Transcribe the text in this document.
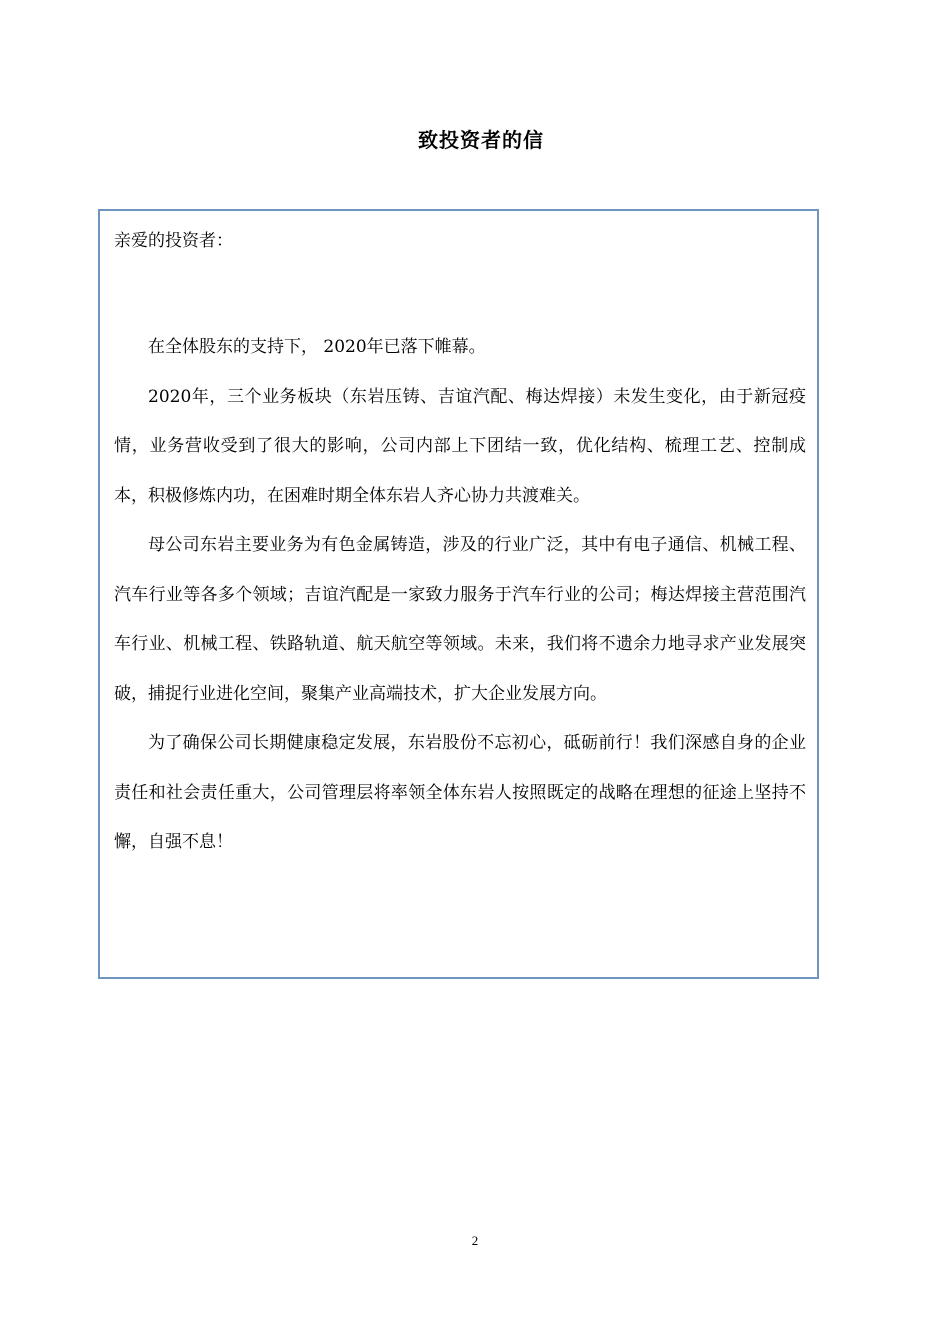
致投资者的信
亲爱的投资者：

在全体股东的支持下， 2020年已落下帷幕。

2020年，三个业务板块（东岩压铸、吉谊汽配、梅达焊接）未发生变化，由于新冠疫情，业务营收受到了很大的影响，公司内部上下团结一致，优化结构、梳理工艺、控制成本，积极修炼内功，在困难时期全体东岩人齐心协力共渡难关。

母公司东岩主要业务为有色金属铸造，涉及的行业广泛，其中有电子通信、机械工程、汽车行业等各多个领域；吉谊汽配是一家致力服务于汽车行业的公司；梅达焊接主营范围汽车行业、机械工程、铁路轨道、航天航空等领域。未来，我们将不遗余力地寻求产业发展突破，捕捉行业进化空间，聚集产业高端技术，扩大企业发展方向。

为了确保公司长期健康稳定发展，东岩股份不忘初心，砥砺前行！我们深感自身的企业责任和社会责任重大，公司管理层将率领全体东岩人按照既定的战略在理想的征途上坚持不懈，自强不息！

2
